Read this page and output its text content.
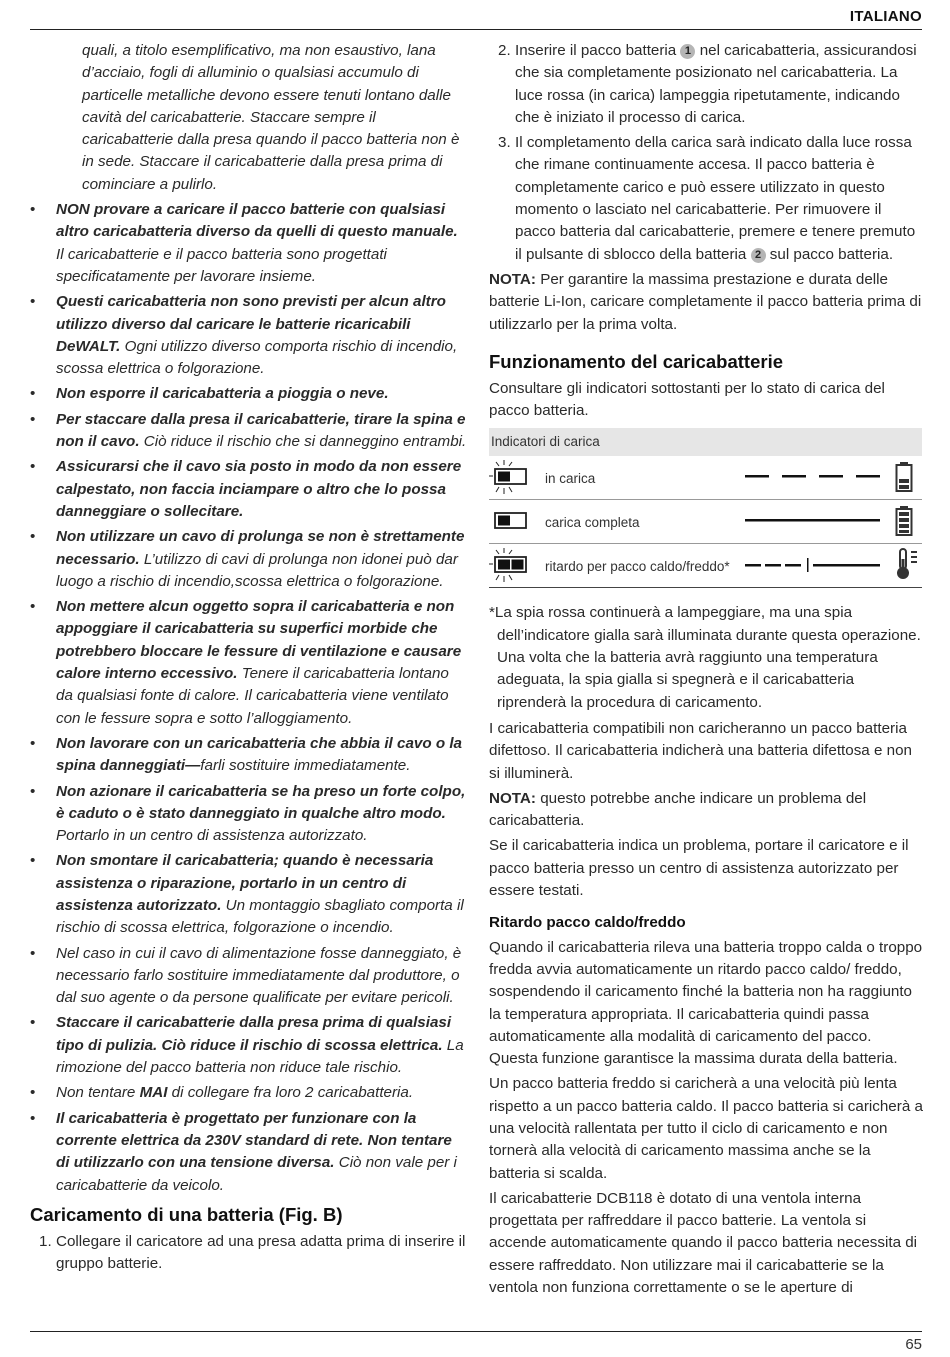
ITALIANO

quali, a titolo esemplificativo, ma non esaustivo, lana d’acciaio, fogli di alluminio o qualsiasi accumulo di particelle metalliche devono essere tenuti lontano dalle cavità del caricabatterie. Staccare sempre il caricabatterie dalla presa quando il pacco batteria non è in sede. Staccare il caricabatterie dalla presa prima di cominciare a pulirlo.

• NON provare a caricare il pacco batterie con qualsiasi altro caricabatteria diverso da quelli di questo manuale. Il caricabatterie e il pacco batteria sono progettati specificatamente per lavorare insieme.
• Questi caricabatteria non sono previsti per alcun altro utilizzo diverso dal caricare le batterie ricaricabili DeWALT. Ogni utilizzo diverso comporta rischio di incendio, scossa elettrica o folgorazione.
• Non esporre il caricabatteria a pioggia o neve.
• Per staccare dalla presa il caricabatterie, tirare la spina e non il cavo. Ciò riduce il rischio che si danneggino entrambi.
• Assicurarsi che il cavo sia posto in modo da non essere calpestato, non faccia inciampare o altro che lo possa danneggiare o sollecitare.
• Non utilizzare un cavo di prolunga se non è strettamente necessario. L’utilizzo di cavi di prolunga non idonei può dar luogo a rischio di incendio,scossa elettrica o folgorazione.
• Non mettere alcun oggetto sopra il caricabatteria e non appoggiare il caricabatteria su superfici morbide che potrebbero bloccare le fessure di ventilazione e causare calore interno eccessivo. Tenere il caricabatteria lontano da qualsiasi fonte di calore. Il caricabatteria viene ventilato con le fessure sopra e sotto l’alloggiamento.
• Non lavorare con un caricabatteria che abbia il cavo o la spina danneggiati—farli sostituire immediatamente.
• Non azionare il caricabatteria se ha preso un forte colpo, è caduto o è stato danneggiato in qualche altro modo. Portarlo in un centro di assistenza autorizzato.
• Non smontare il caricabatteria; quando è necessaria assistenza o riparazione, portarlo in un centro di assistenza autorizzato. Un montaggio sbagliato comporta il rischio di scossa elettrica, folgorazione o incendio.
• Nel caso in cui il cavo di alimentazione fosse danneggiato, è necessario farlo sostituire immediatamente dal produttore, o dal suo agente o da persone qualificate per evitare pericoli.
• Staccare il caricabatterie dalla presa prima di qualsiasi tipo di pulizia. Ciò riduce il rischio di scossa elettrica. La rimozione del pacco batteria non riduce tale rischio.
• Non tentare MAI di collegare fra loro 2 caricabatteria.
• Il caricabatteria è progettato per funzionare con la corrente elettrica da 230V standard di rete. Non tentare di utilizzarlo con una tensione diversa. Ciò non vale per i caricabatterie da veicolo.
Caricamento di una batteria (Fig. B)
1. Collegare il caricatore ad una presa adatta prima di inserire il gruppo batterie.
2. Inserire il pacco batteria 1 nel caricabatteria, assicurandosi che sia completamente posizionato nel caricabatteria. La luce rossa (in carica) lampeggia ripetutamente, indicando che è iniziato il processo di carica.
3. Il completamento della carica sarà indicato dalla luce rossa che rimane continuamente accesa. Il pacco batteria è completamente carico e può essere utilizzato in questo momento o lasciato nel caricabatterie. Per rimuovere il pacco batteria dal caricabatterie, premere e tenere premuto il pulsante di sblocco della batteria 2 sul pacco batteria.

NOTA: Per garantire la massima prestazione e durata delle batterie Li-Ion, caricare completamente il pacco batteria prima di utilizzarlo per la prima volta.

Funzionamento del caricabatterie

Consultare gli indicatori sottostanti per lo stato di carica del pacco batteria.

Indicatori di carica
in carica
carica completa
ritardo per pacco caldo/freddo*

*La spia rossa continuerà a lampeggiare, ma una spia dell’indicatore gialla sarà illuminata durante questa operazione. Una volta che la batteria avrà raggiunto una temperatura adeguata, la spia gialla si spegnerà e il caricabatteria riprenderà la procedura di caricamento.

I caricabatteria compatibili non caricheranno un pacco batteria difettoso. Il caricabatteria indicherà una batteria difettosa e non si illuminerà.

NOTA: questo potrebbe anche indicare un problema del caricabatteria.

Se il caricabatteria indica un problema, portare il caricatore e il pacco batteria presso un centro di assistenza autorizzato per essere testati.

Ritardo pacco caldo/freddo

Quando il caricabatteria rileva una batteria troppo calda o troppo fredda avvia automaticamente un ritardo pacco caldo/ freddo, sospendendo il caricamento finché la batteria non ha raggiunto la temperatura appropriata. Il caricabatteria quindi passa automaticamente alla modalità di caricamento del pacco. Questa funzione garantisce la massima durata della batteria.

Un pacco batteria freddo si caricherà a una velocità più lenta rispetto a un pacco batteria caldo. Il pacco batteria si caricherà a una velocità rallentata per tutto il ciclo di caricamento e non tornerà alla velocità di caricamento massima anche se la batteria si scalda.

Il caricabatterie DCB118 è dotato di una ventola interna progettata per raffreddare il pacco batterie. La ventola si accende automaticamente quando il pacco batteria necessita di essere raffreddato. Non utilizzare mai il caricabatterie se la ventola non funziona correttamente o se le aperture di

65
